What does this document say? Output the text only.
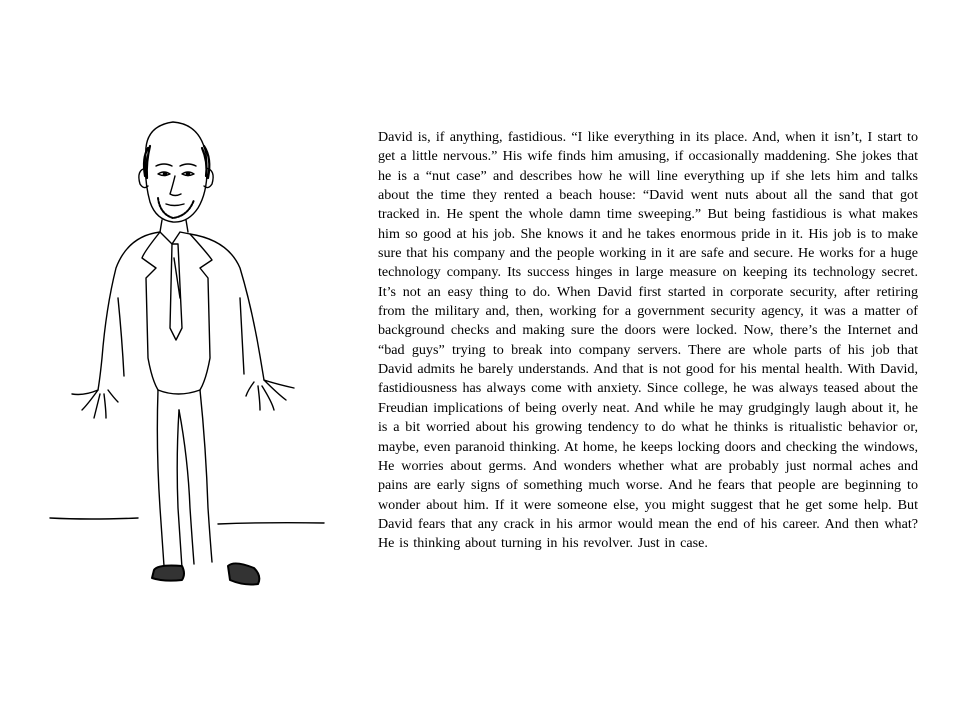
David is, if anything, fastidious. “I like everything in its place. And, when it isn’t, I start to get a little nervous.” His wife finds him amusing, if occasionally maddening. She jokes that he is a “nut case” and describes how he will line everything up if she lets him and talks about the time they rented a beach house: “David went nuts about all the sand that got tracked in. He spent the whole damn time sweeping.” But being fastidious is what makes him so good at his job. She knows it and he takes enormous pride in it. His job is to make sure that his company and the people working in it are safe and secure. He works for a huge technology company. Its success hinges in large measure on keeping its technology secret. It’s not an easy thing to do. When David first started in corporate security, after retiring from the military and, then, working for a government security agency, it was a matter of background checks and making sure the doors were locked. Now, there’s the Internet and “bad guys” trying to break into company servers. There are whole parts of his job that David admits he barely understands. And that is not good for his mental health. With David, fastidiousness has always come with anxiety. Since college, he was always teased about the Freudian implications of being overly neat. And while he may grudgingly laugh about it, he is a bit worried about his growing tendency to do what he thinks is ritualistic behavior or, maybe, even paranoid thinking. At home, he keeps locking doors and checking the windows, He worries about germs. And wonders whether what are probably just normal aches and pains are early signs of something much worse. And he fears that people are beginning to wonder about him. If it were someone else, you might suggest that he get some help. But David fears that any crack in his armor would mean the end of his career. And then what? He is thinking about turning in his revolver. Just in case.
